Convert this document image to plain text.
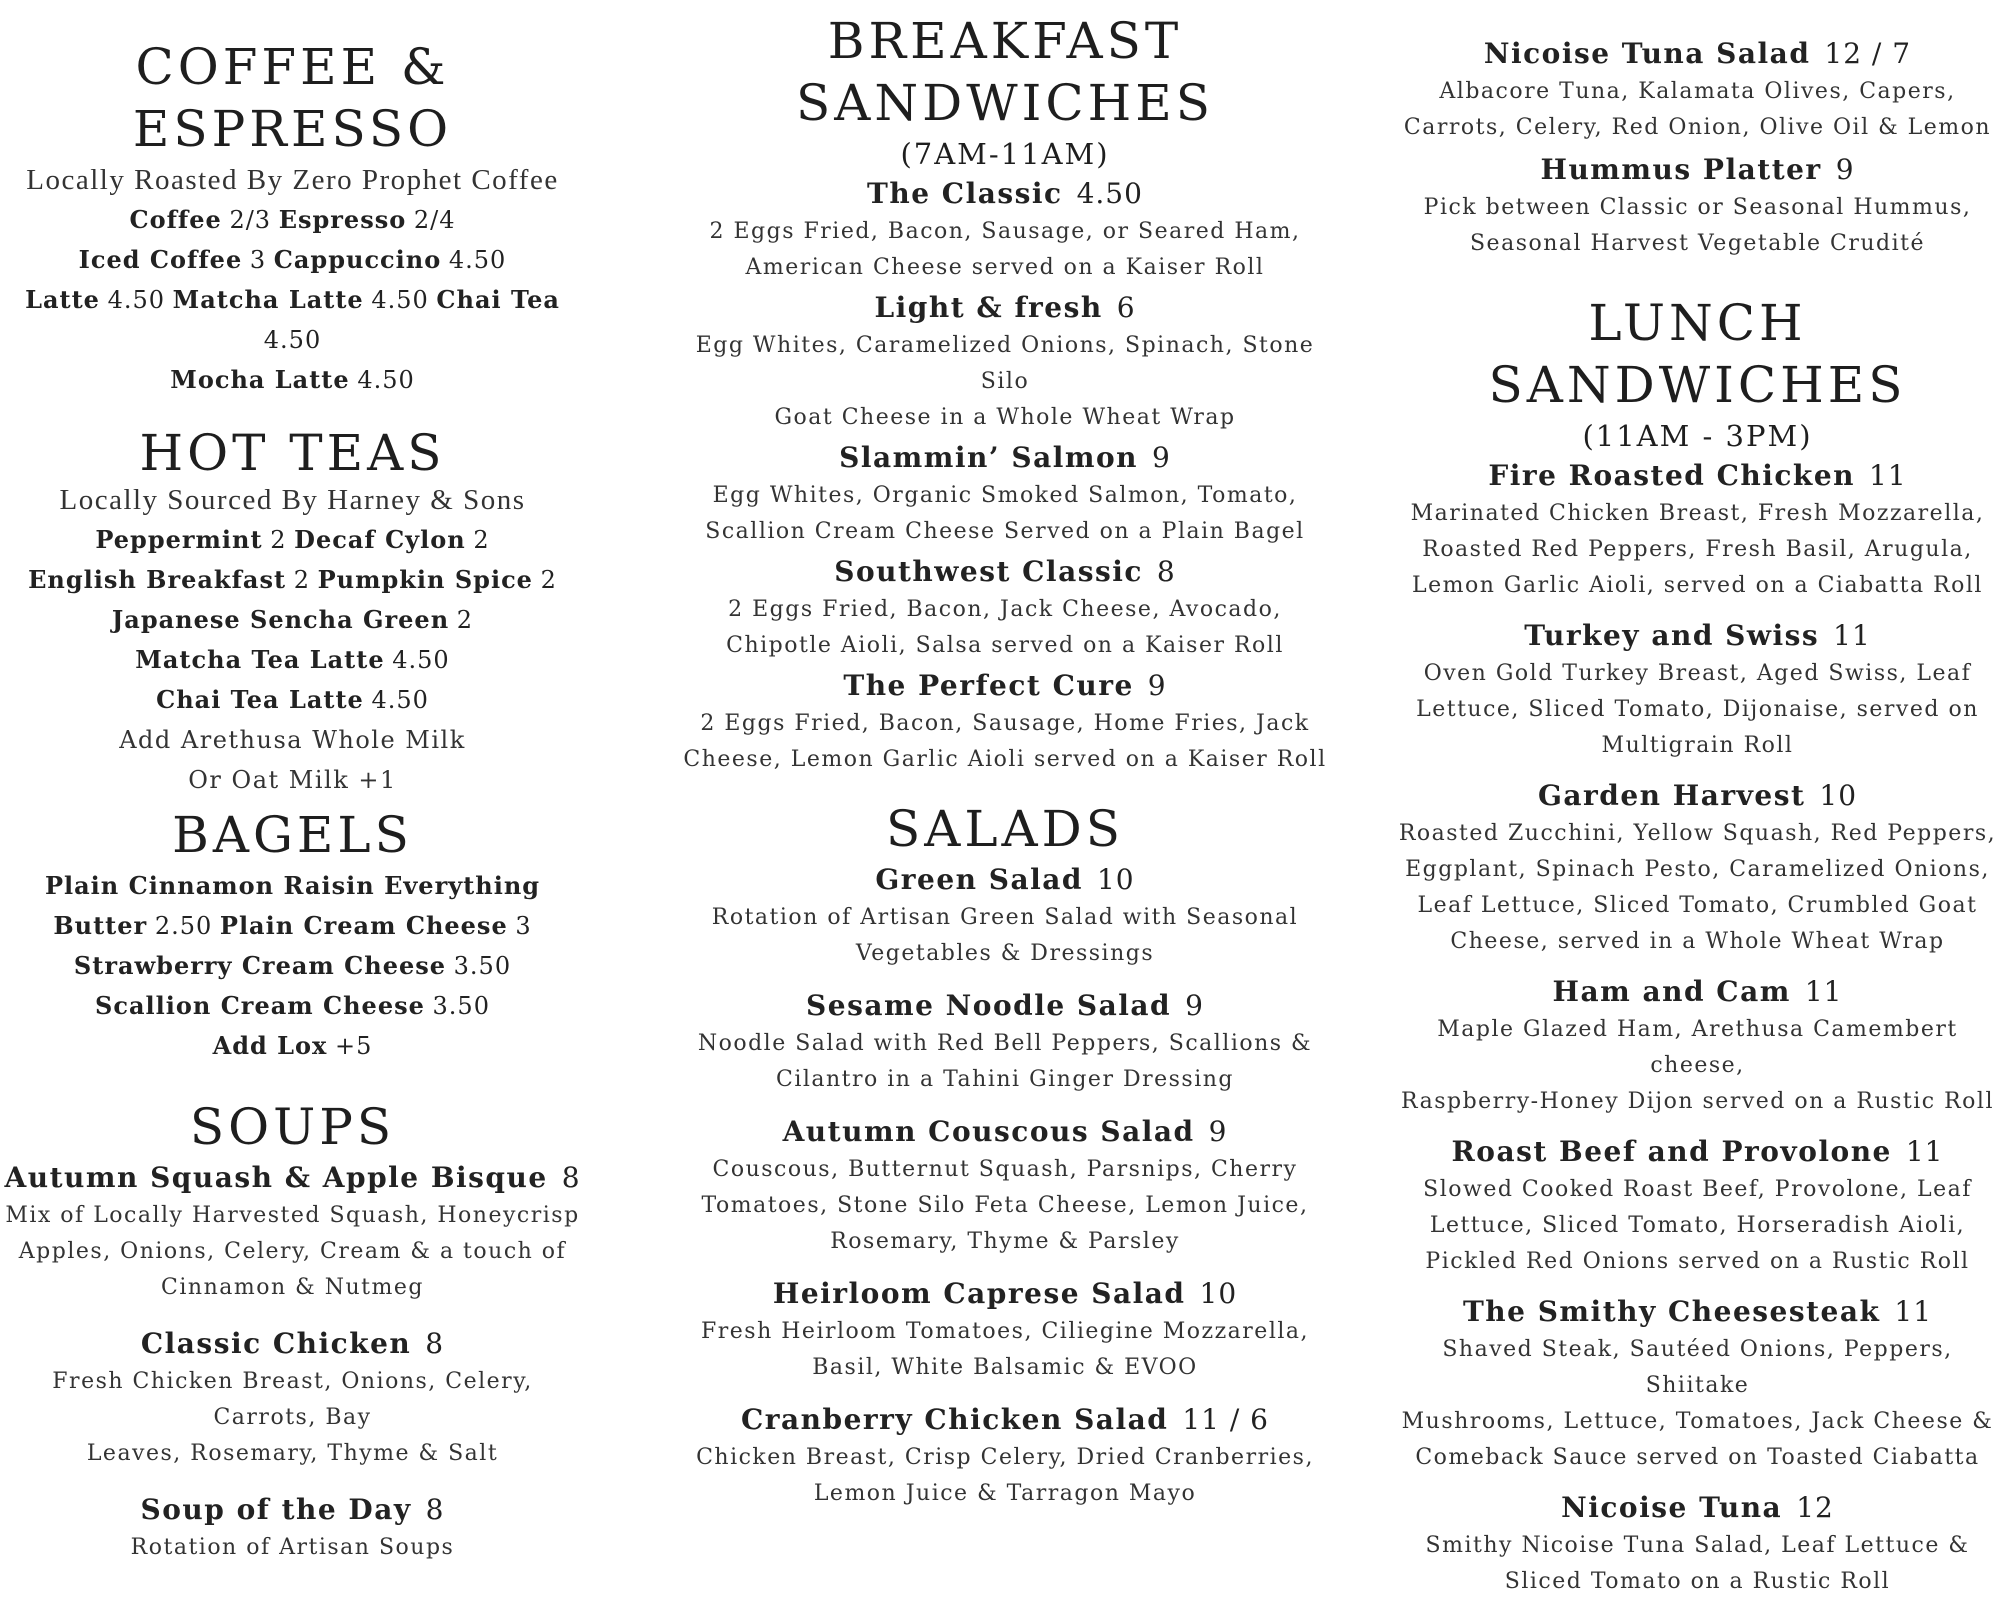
COFFEE & ESPRESSO
Locally Roasted By Zero Prophet Coffee
Coffee 2/3 Espresso 2/4
Iced Coffee 3 Cappuccino 4.50
Latte 4.50 Matcha Latte 4.50 Chai Tea 4.50
Mocha Latte 4.50
HOT TEAS
Locally Sourced By Harney & Sons
Peppermint 2 Decaf Cylon 2
English Breakfast 2 Pumpkin Spice 2
Japanese Sencha Green 2
Matcha Tea Latte 4.50
Chai Tea Latte 4.50
Add Arethusa Whole Milk
Or Oat Milk +1
BAGELS
Plain Cinnamon Raisin Everything
Butter 2.50 Plain Cream Cheese 3
Strawberry Cream Cheese 3.50
Scallion Cream Cheese 3.50
Add Lox +5
SOUPS
Autumn Squash & Apple Bisque 8
Mix of Locally Harvested Squash, Honeycrisp
Apples, Onions, Celery, Cream & a touch of
Cinnamon & Nutmeg
Classic Chicken 8
Fresh Chicken Breast, Onions, Celery, Carrots, Bay
Leaves, Rosemary, Thyme & Salt
Soup of the Day 8
Rotation of Artisan Soups
BREAKFAST
SANDWICHES
(7AM-11AM)
The Classic 4.50
2 Eggs Fried, Bacon, Sausage, or Seared Ham,
American Cheese served on a Kaiser Roll
Light & fresh 6
Egg Whites, Caramelized Onions, Spinach, Stone Silo
Goat Cheese in a Whole Wheat Wrap
Slammin’ Salmon 9
Egg Whites, Organic Smoked Salmon, Tomato,
Scallion Cream Cheese Served on a Plain Bagel
Southwest Classic 8
2 Eggs Fried, Bacon, Jack Cheese, Avocado,
Chipotle Aioli, Salsa served on a Kaiser Roll
The Perfect Cure 9
2 Eggs Fried, Bacon, Sausage, Home Fries, Jack
Cheese, Lemon Garlic Aioli served on a Kaiser Roll
SALADS
Green Salad 10
Rotation of Artisan Green Salad with Seasonal
Vegetables & Dressings
Sesame Noodle Salad 9
Noodle Salad with Red Bell Peppers, Scallions &
Cilantro in a Tahini Ginger Dressing
Autumn Couscous Salad 9
Couscous, Butternut Squash, Parsnips, Cherry
Tomatoes, Stone Silo Feta Cheese, Lemon Juice,
Rosemary, Thyme & Parsley
Heirloom Caprese Salad 10
Fresh Heirloom Tomatoes, Ciliegine Mozzarella,
Basil, White Balsamic & EVOO
Cranberry Chicken Salad 11 / 6
Chicken Breast, Crisp Celery, Dried Cranberries,
Lemon Juice & Tarragon Mayo
Nicoise Tuna Salad 12 / 7
Albacore Tuna, Kalamata Olives, Capers,
Carrots, Celery, Red Onion, Olive Oil & Lemon
Hummus Platter 9
Pick between Classic or Seasonal Hummus,
Seasonal Harvest Vegetable Crudité
LUNCH SANDWICHES
(11AM - 3PM)
Fire Roasted Chicken 11
Marinated Chicken Breast, Fresh Mozzarella,
Roasted Red Peppers, Fresh Basil, Arugula,
Lemon Garlic Aioli, served on a Ciabatta Roll
Turkey and Swiss 11
Oven Gold Turkey Breast, Aged Swiss, Leaf
Lettuce, Sliced Tomato, Dijonaise, served on
Multigrain Roll
Garden Harvest 10
Roasted Zucchini, Yellow Squash, Red Peppers,
Eggplant, Spinach Pesto, Caramelized Onions,
Leaf Lettuce, Sliced Tomato, Crumbled Goat
Cheese, served in a Whole Wheat Wrap
Ham and Cam 11
Maple Glazed Ham, Arethusa Camembert cheese,
Raspberry-Honey Dijon served on a Rustic Roll
Roast Beef and Provolone 11
Slowed Cooked Roast Beef, Provolone, Leaf
Lettuce, Sliced Tomato, Horseradish Aioli,
Pickled Red Onions served on a Rustic Roll
The Smithy Cheesesteak 11
Shaved Steak, Sautéed Onions, Peppers, Shiitake
Mushrooms, Lettuce, Tomatoes, Jack Cheese &
Comeback Sauce served on Toasted Ciabatta
Nicoise Tuna 12
Smithy Nicoise Tuna Salad, Leaf Lettuce &
Sliced Tomato on a Rustic Roll
